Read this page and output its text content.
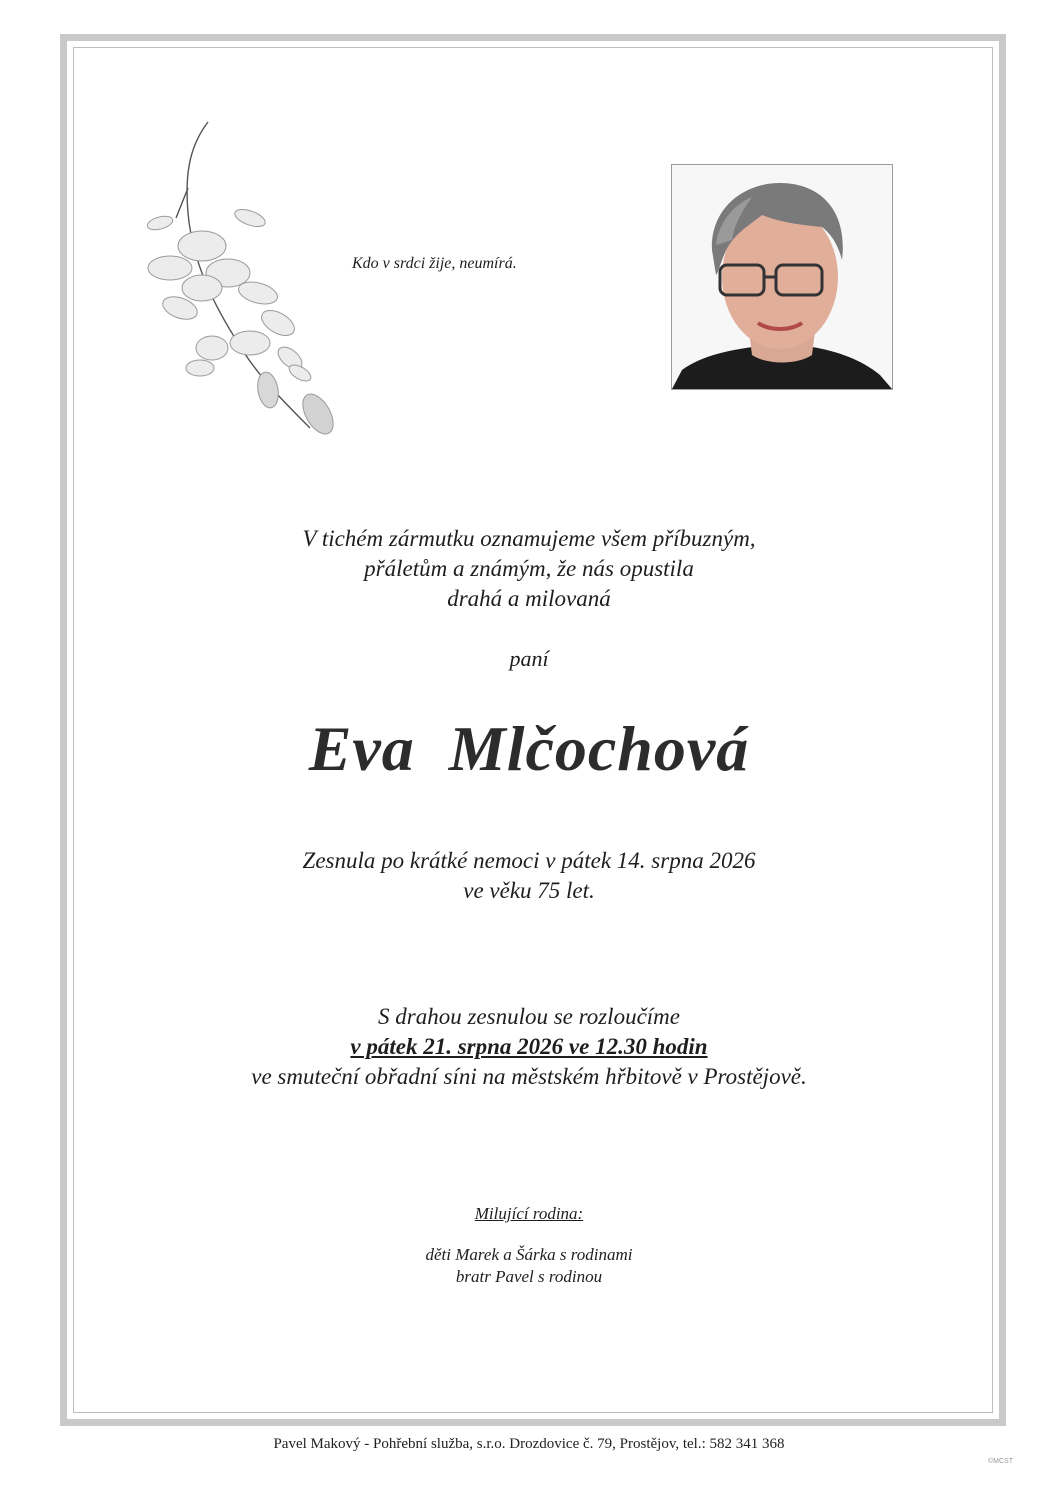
Kdo v srdci žije, neumírá.
V tichém zármutku oznamujeme všem příbuzným,
přáletům a známým, že nás opustila
drahá a milovaná
paní
Eva  Mlčochová
Zesnula po krátké nemoci v pátek 14. srpna 2026
ve věku 75 let.
S drahou zesnulou se rozloučíme
v pátek 21. srpna 2026 ve 12.30 hodin
ve smuteční obřadní síni na městském hřbitově v Prostějově.
Milující rodina:
děti Marek a Šárka s rodinami
bratr Pavel s rodinou
Pavel Makový - Pohřební služba, s.r.o. Drozdovice č. 79, Prostějov, tel.: 582 341 368
©MCST
